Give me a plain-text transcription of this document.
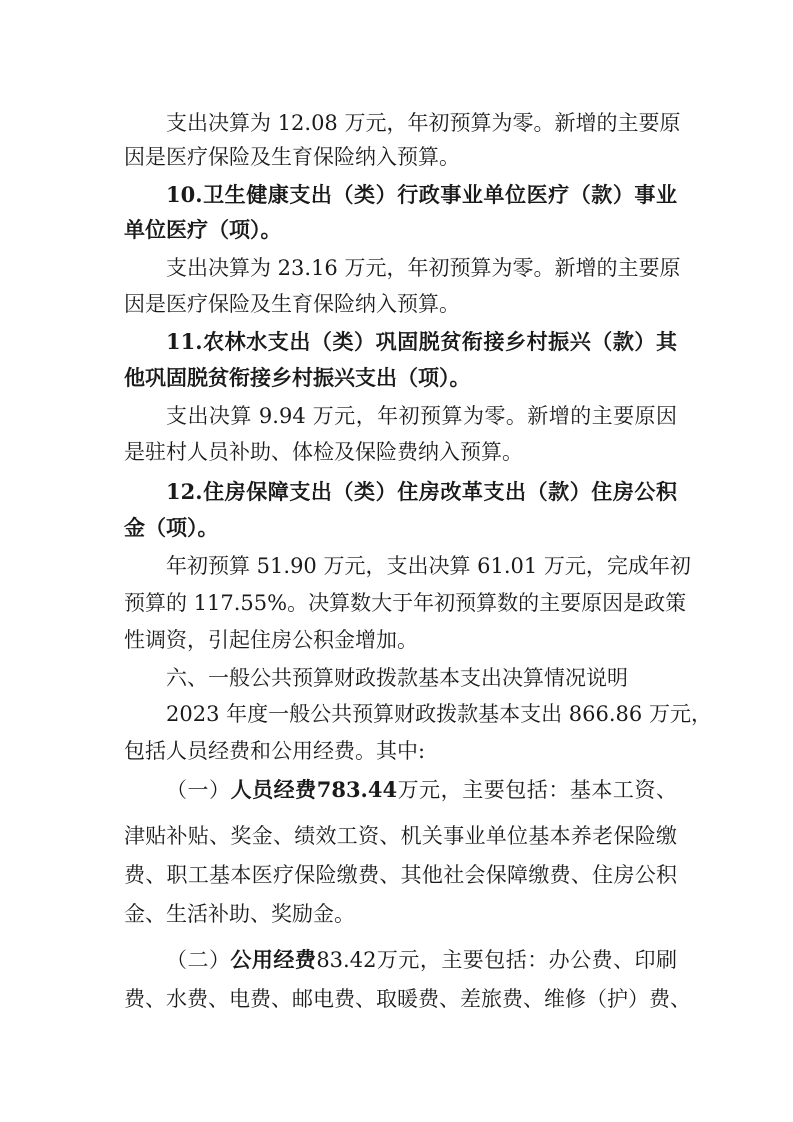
支出决算为 12.08 万元，年初预算为零。新增的主要原
因是医疗保险及生育保险纳入预算。
10.卫生健康支出（类）行政事业单位医疗（款）事业
单位医疗（项）。
支出决算为 23.16 万元，年初预算为零。新增的主要原
因是医疗保险及生育保险纳入预算。
11.农林水支出（类）巩固脱贫衔接乡村振兴（款）其
他巩固脱贫衔接乡村振兴支出（项）。
支出决算 9.94 万元，年初预算为零。新增的主要原因
是驻村人员补助、体检及保险费纳入预算。
12.住房保障支出（类）住房改革支出（款）住房公积
金（项）。
年初预算 51.90 万元，支出决算 61.01 万元，完成年初
预算的 117.55%。决算数大于年初预算数的主要原因是政策
性调资，引起住房公积金增加。
六、一般公共预算财政拨款基本支出决算情况说明
2023 年度一般公共预算财政拨款基本支出 866.86 万元，
包括人员经费和公用经费。其中:
（一）人员经费783.44万元，主要包括：基本工资、
津贴补贴、奖金、绩效工资、机关事业单位基本养老保险缴
费、职工基本医疗保险缴费、其他社会保障缴费、住房公积
金、生活补助、奖励金。
（二）公用经费83.42万元，主要包括：办公费、印刷
费、水费、电费、邮电费、取暖费、差旅费、维修（护）费、
